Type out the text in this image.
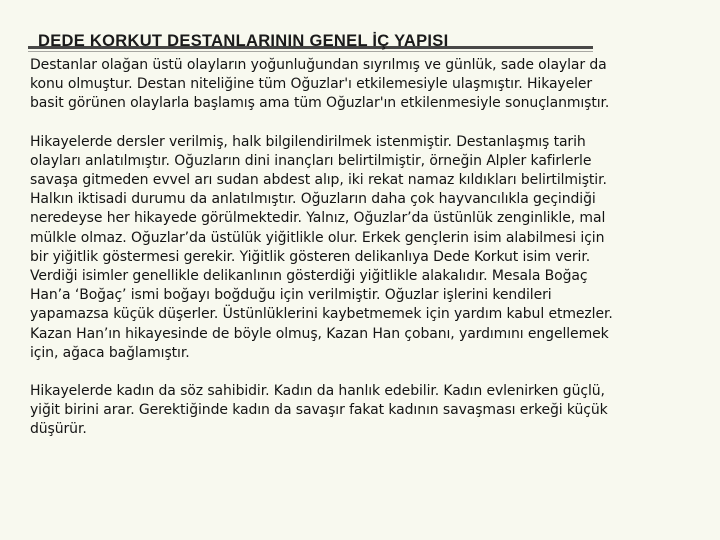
DEDE KORKUT DESTANLARININ GENEL İÇ YAPISI

Destanlar olağan üstü olayların yoğunluğundan sıyrılmış ve günlük, sade olaylar da
konu olmuştur. Destan niteliğine tüm Oğuzlar'ı etkilemesiyle ulaşmıştır. Hikayeler
basit görünen olaylarla başlamış ama tüm Oğuzlar'ın etkilenmesiyle sonuçlanmıştır.

Hikayelerde dersler verilmiş, halk bilgilendirilmek istenmiştir. Destanlaşmış tarih
olayları anlatılmıştır. Oğuzların dini inançları belirtilmiştir, örneğin Alpler kafirlerle
savaşa gitmeden evvel arı sudan abdest alıp, iki rekat namaz kıldıkları belirtilmiştir.
Halkın iktisadi durumu da anlatılmıştır. Oğuzların daha çok hayvancılıkla geçindiği
neredeyse her hikayede görülmektedir. Yalnız, Oğuzlar’da üstünlük zenginlikle, mal
mülkle olmaz. Oğuzlar’da üstülük yiğitlikle olur. Erkek gençlerin isim alabilmesi için
bir yiğitlik göstermesi gerekir. Yiğitlik gösteren delikanlıya Dede Korkut isim verir.
Verdiği isimler genellikle delikanlının gösterdiği yiğitlikle alakalıdır. Mesala Boğaç
Han’a ‘Boğaç’ ismi boğayı boğduğu için verilmiştir. Oğuzlar işlerini kendileri
yapamazsa küçük düşerler. Üstünlüklerini kaybetmemek için yardım kabul etmezler.
Kazan Han’ın hikayesinde de böyle olmuş, Kazan Han çobanı, yardımını engellemek
için, ağaca bağlamıştır.

Hikayelerde kadın da söz sahibidir. Kadın da hanlık edebilir. Kadın evlenirken güçlü,
yiğit birini arar. Gerektiğinde kadın da savaşır fakat kadının savaşması erkeği küçük
düşürür.
